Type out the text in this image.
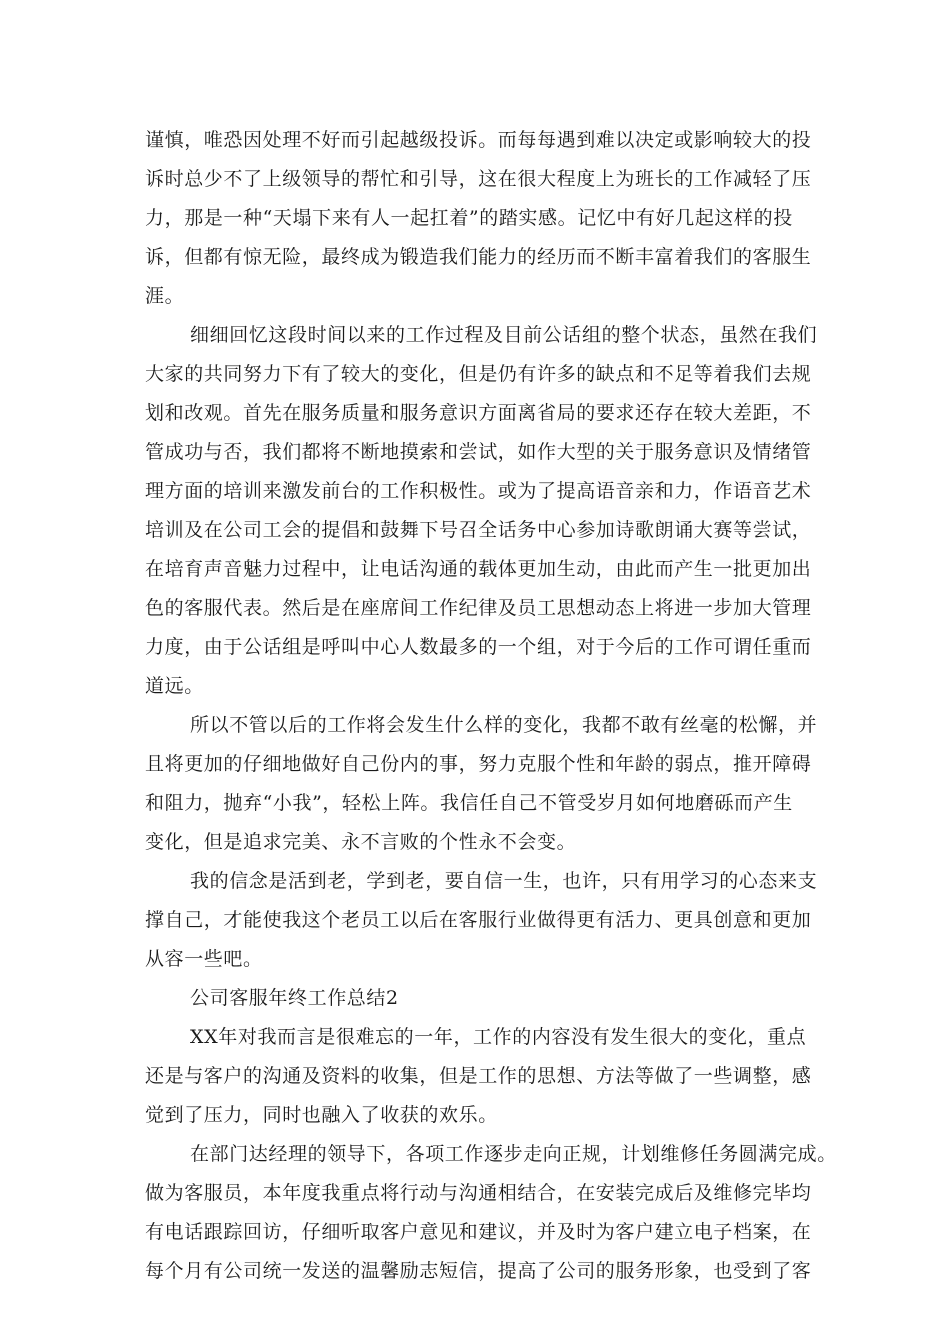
谨慎，唯恐因处理不好而引起越级投诉。而每每遇到难以决定或影响较大的投
诉时总少不了上级领导的帮忙和引导，这在很大程度上为班长的工作减轻了压
力，那是一种“天塌下来有人一起扛着”的踏实感。记忆中有好几起这样的投
诉，但都有惊无险，最终成为锻造我们能力的经历而不断丰富着我们的客服生
涯。
细细回忆这段时间以来的工作过程及目前公话组的整个状态，虽然在我们
大家的共同努力下有了较大的变化，但是仍有许多的缺点和不足等着我们去规
划和改观。首先在服务质量和服务意识方面离省局的要求还存在较大差距，不
管成功与否，我们都将不断地摸索和尝试，如作大型的关于服务意识及情绪管
理方面的培训来激发前台的工作积极性。或为了提高语音亲和力，作语音艺术
培训及在公司工会的提倡和鼓舞下号召全话务中心参加诗歌朗诵大赛等尝试，
在培育声音魅力过程中，让电话沟通的载体更加生动，由此而产生一批更加出
色的客服代表。然后是在座席间工作纪律及员工思想动态上将进一步加大管理
力度，由于公话组是呼叫中心人数最多的一个组，对于今后的工作可谓任重而
道远。
所以不管以后的工作将会发生什么样的变化，我都不敢有丝毫的松懈，并
且将更加的仔细地做好自己份内的事，努力克服个性和年龄的弱点，推开障碍
和阻力，抛弃“小我”，轻松上阵。我信任自己不管受岁月如何地磨砾而产生
变化，但是追求完美、永不言败的个性永不会变。
我的信念是活到老，学到老，要自信一生，也许，只有用学习的心态来支
撑自己，才能使我这个老员工以后在客服行业做得更有活力、更具创意和更加
从容一些吧。
公司客服年终工作总结2
XX年对我而言是很难忘的一年，工作的内容没有发生很大的变化，重点
还是与客户的沟通及资料的收集，但是工作的思想、方法等做了一些调整，感
觉到了压力，同时也融入了收获的欢乐。
在部门达经理的领导下，各项工作逐步走向正规，计划维修任务圆满完成。
做为客服员，本年度我重点将行动与沟通相结合，在安装完成后及维修完毕均
有电话跟踪回访，仔细听取客户意见和建议，并及时为客户建立电子档案，在
每个月有公司统一发送的温馨励志短信，提高了公司的服务形象，也受到了客
